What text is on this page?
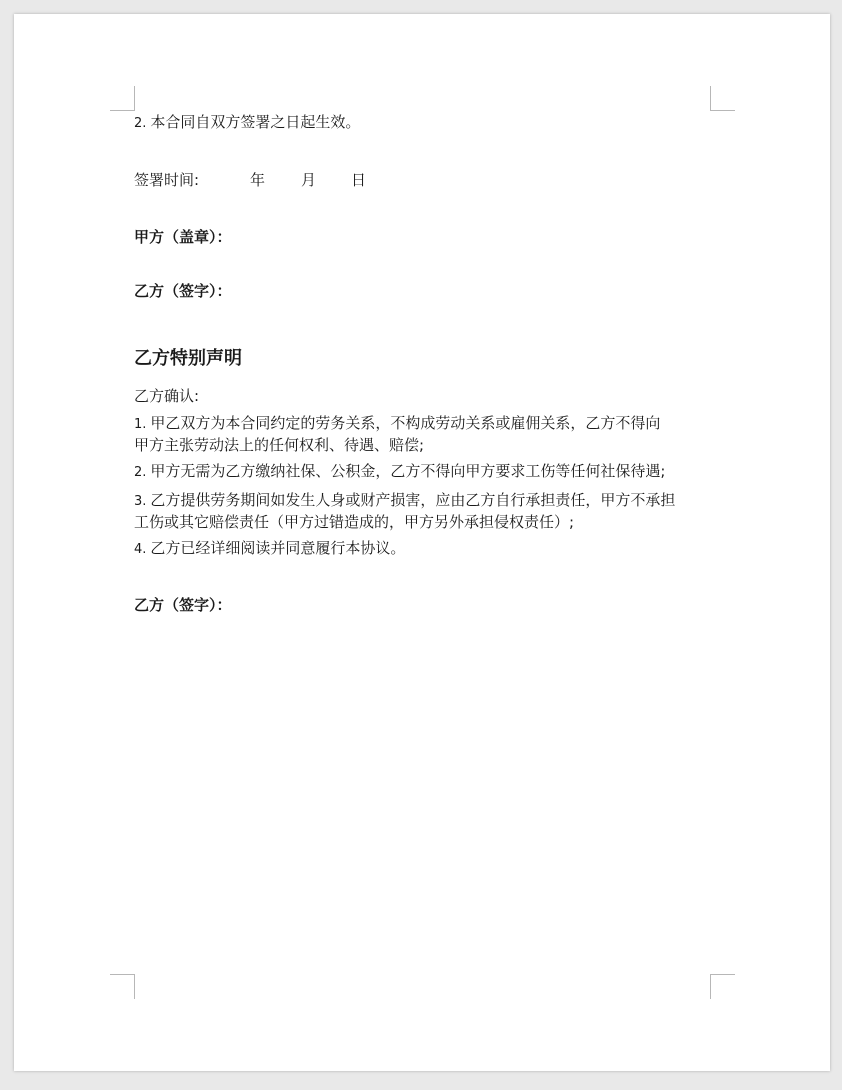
2. 本合同自双方签署之日起生效。
签署时间:	年 月 日
甲方（盖章）：
乙方（签字）：
乙方特别声明
乙方确认:
1. 甲乙双方为本合同约定的劳务关系，不构成劳动关系或雇佣关系，乙方不得向
甲方主张劳动法上的任何权利、待遇、赔偿;
2. 甲方无需为乙方缴纳社保、公积金，乙方不得向甲方要求工伤等任何社保待遇;
3. 乙方提供劳务期间如发生人身或财产损害，应由乙方自行承担责任，甲方不承担
工伤或其它赔偿责任（甲方过错造成的，甲方另外承担侵权责任）;
4. 乙方已经详细阅读并同意履行本协议。
乙方（签字）：
